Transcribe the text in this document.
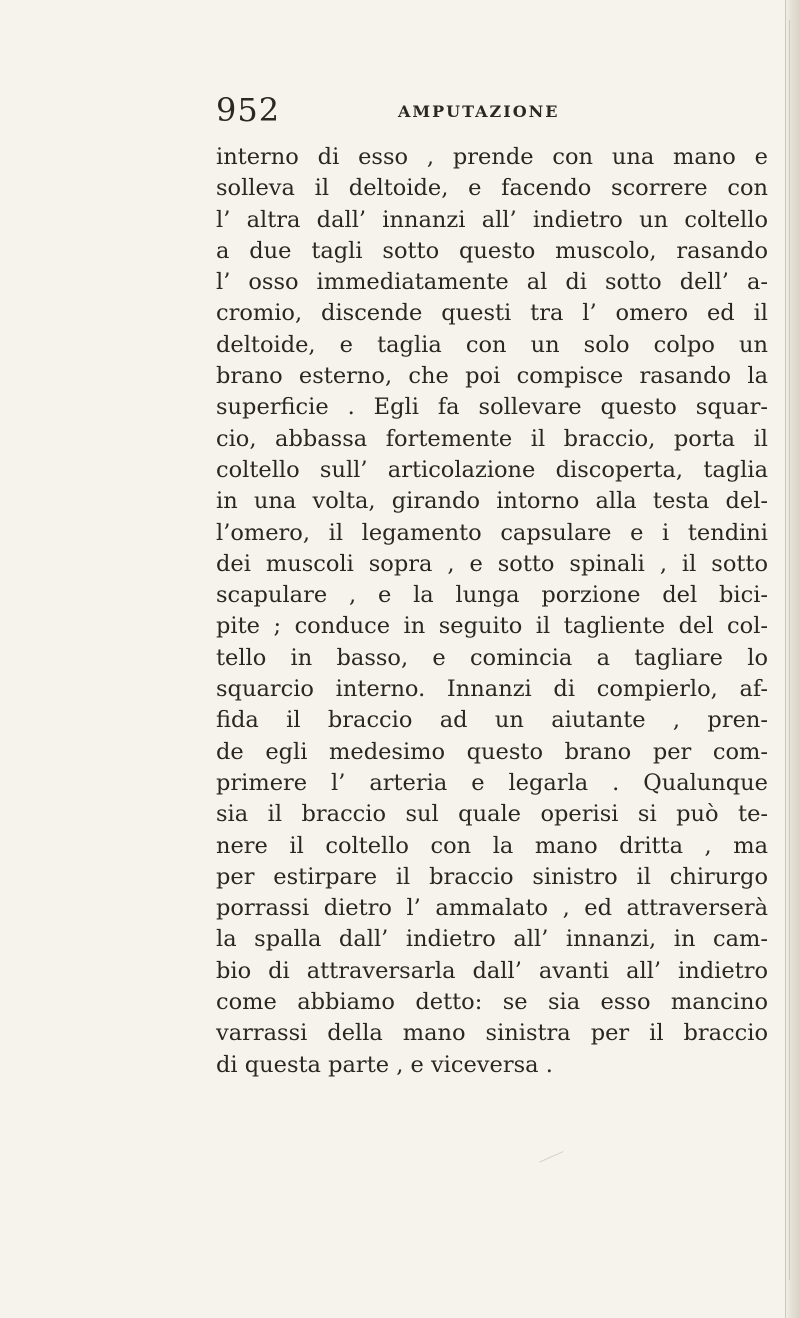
952	AMPUTAZIONE
interno di esso , prende con una mano e
solleva il deltoide, e facendo scorrere con
l’ altra dall’ innanzi all’ indietro un coltello
a due tagli sotto questo muscolo, rasando
l’ osso immediatamente al di sotto dell’ a-
cromio, discende questi tra l’ omero ed il
deltoide, e taglia con un solo colpo un
brano esterno, che poi compisce rasando la
superficie . Egli fa sollevare questo squar-
cio, abbassa fortemente il braccio, porta il
coltello sull’ articolazione discoperta, taglia
in una volta, girando intorno alla testa del-
l’omero, il legamento capsulare e i tendini
dei muscoli sopra , e sotto spinali , il sotto
scapulare , e la lunga porzione del bici-
pite ; conduce in seguito il tagliente del col-
tello in basso, e comincia a tagliare lo
squarcio interno. Innanzi di compierlo, af-
fida il braccio ad un aiutante , pren-
de egli medesimo questo brano per com-
primere l’ arteria e legarla . Qualunque
sia il braccio sul quale operisi si può te-
nere il coltello con la mano dritta , ma
per estirpare il braccio sinistro il chirurgo
porrassi dietro l’ ammalato , ed attraverserà
la spalla dall’ indietro all’ innanzi, in cam-
bio di attraversarla dall’ avanti all’ indietro
come abbiamo detto: se sia esso mancino
varrassi della mano sinistra per il braccio
di questa parte , e viceversa .
